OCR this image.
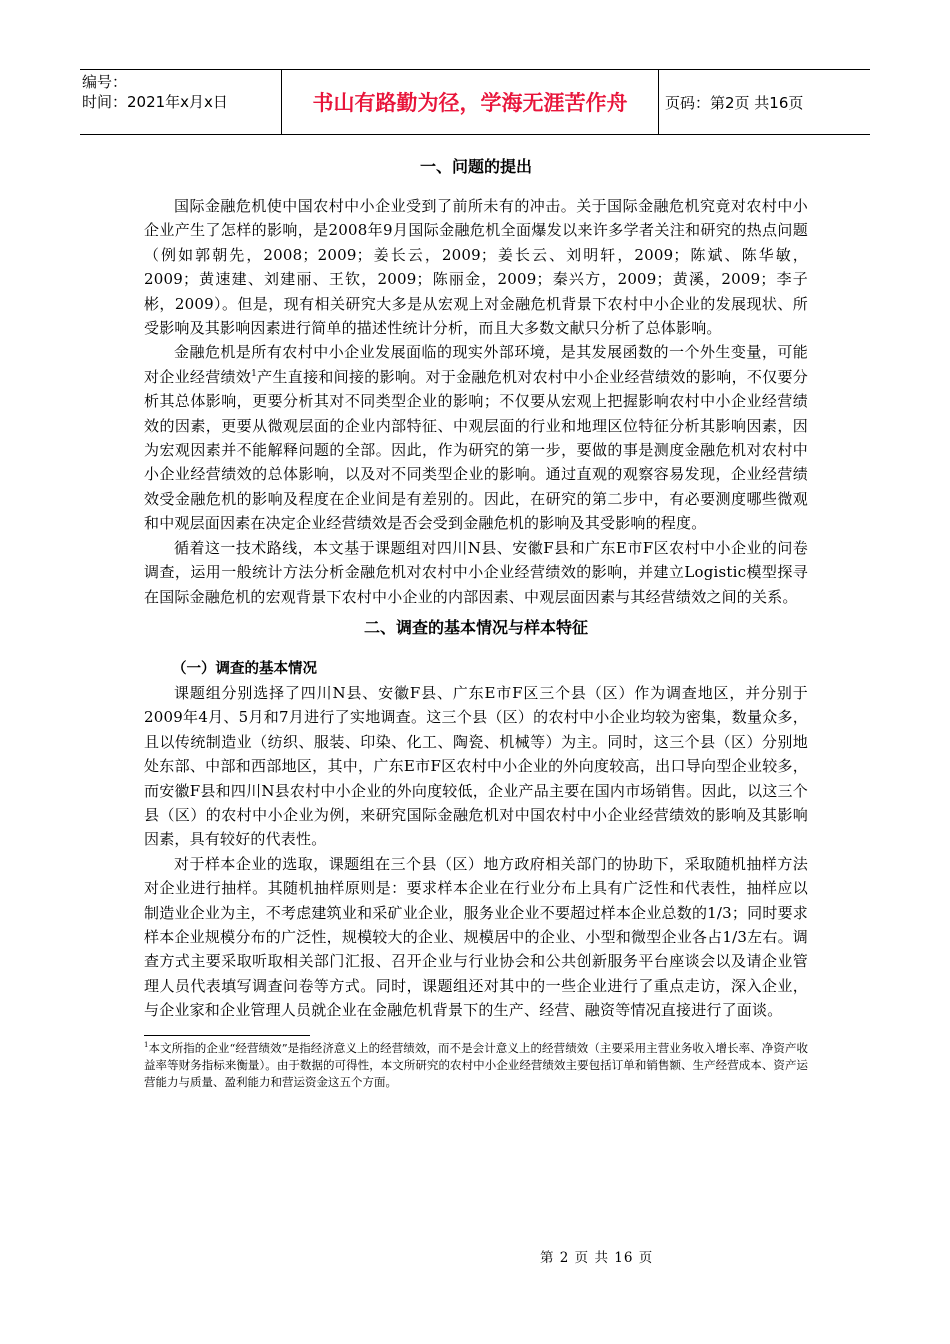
编号：
时间：2021年x月x日	书山有路勤为径，学海无涯苦作舟	页码：第2页 共16页
一、问题的提出

国际金融危机使中国农村中小企业受到了前所未有的冲击。关于国际金融危机究竟对农村中小企业产生了怎样的影响，是2008年9月国际金融危机全面爆发以来许多学者关注和研究的热点问题（例如郭朝先，2008；2009；姜长云，2009；姜长云、刘明轩，2009；陈斌、陈华敏，2009；黄速建、刘建丽、王钦，2009；陈丽金，2009；秦兴方，2009；黄溪，2009；李子彬，2009）。但是，现有相关研究大多是从宏观上对金融危机背景下农村中小企业的发展现状、所受影响及其影响因素进行简单的描述性统计分析，而且大多数文献只分析了总体影响。

金融危机是所有农村中小企业发展面临的现实外部环境，是其发展函数的一个外生变量，可能对企业经营绩效$^1$产生直接和间接的影响。对于金融危机对农村中小企业经营绩效的影响，不仅要分析其总体影响，更要分析其对不同类型企业的影响；不仅要从宏观上把握影响农村中小企业经营绩效的因素，更要从微观层面的企业内部特征、中观层面的行业和地理区位特征分析其影响因素，因为宏观因素并不能解释问题的全部。因此，作为研究的第一步，要做的事是测度金融危机对农村中小企业经营绩效的总体影响，以及对不同类型企业的影响。通过直观的观察容易发现，企业经营绩效受金融危机的影响及程度在企业间是有差别的。因此，在研究的第二步中，有必要测度哪些微观和中观层面因素在决定企业经营绩效是否会受到金融危机的影响及其受影响的程度。

循着这一技术路线，本文基于课题组对四川N县、安徽F县和广东E市F区农村中小企业的问卷调查，运用一般统计方法分析金融危机对农村中小企业经营绩效的影响，并建立Logistic模型探寻在国际金融危机的宏观背景下农村中小企业的内部因素、中观层面因素与其经营绩效之间的关系。

二、调查的基本情况与样本特征
（一）调查的基本情况

课题组分别选择了四川N县、安徽F县、广东E市F区三个县（区）作为调查地区，并分别于2009年4月、5月和7月进行了实地调查。这三个县（区）的农村中小企业均较为密集，数量众多，且以传统制造业（纺织、服装、印染、化工、陶瓷、机械等）为主。同时，这三个县（区）分别地处东部、中部和西部地区，其中，广东E市F区农村中小企业的外向度较高，出口导向型企业较多，而安徽F县和四川N县农村中小企业的外向度较低，企业产品主要在国内市场销售。因此，以这三个县（区）的农村中小企业为例，来研究国际金融危机对中国农村中小企业经营绩效的影响及其影响因素，具有较好的代表性。

对于样本企业的选取，课题组在三个县（区）地方政府相关部门的协助下，采取随机抽样方法对企业进行抽样。其随机抽样原则是：要求样本企业在行业分布上具有广泛性和代表性，抽样应以制造业企业为主，不考虑建筑业和采矿业企业，服务业企业不要超过样本企业总数的1/3；同时要求样本企业规模分布的广泛性，规模较大的企业、规模居中的企业、小型和微型企业各占1/3左右。调查方式主要采取听取相关部门汇报、召开企业与行业协会和公共创新服务平台座谈会以及请企业管理人员代表填写调查问卷等方式。同时，课题组还对其中的一些企业进行了重点走访，深入企业，与企业家和企业管理人员就企业在金融危机背景下的生产、经营、融资等情况直接进行了面谈。

$^1$本文所指的企业“经营绩效”是指经济意义上的经营绩效，而不是会计意义上的经营绩效（主要采用主营业务收入增长率、净资产收益率等财务指标来衡量）。由于数据的可得性，本文所研究的农村中小企业经营绩效主要包括订单和销售额、生产经营成本、资产运营能力与质量、盈利能力和营运资金这五个方面。
第 2 页 共 16 页
